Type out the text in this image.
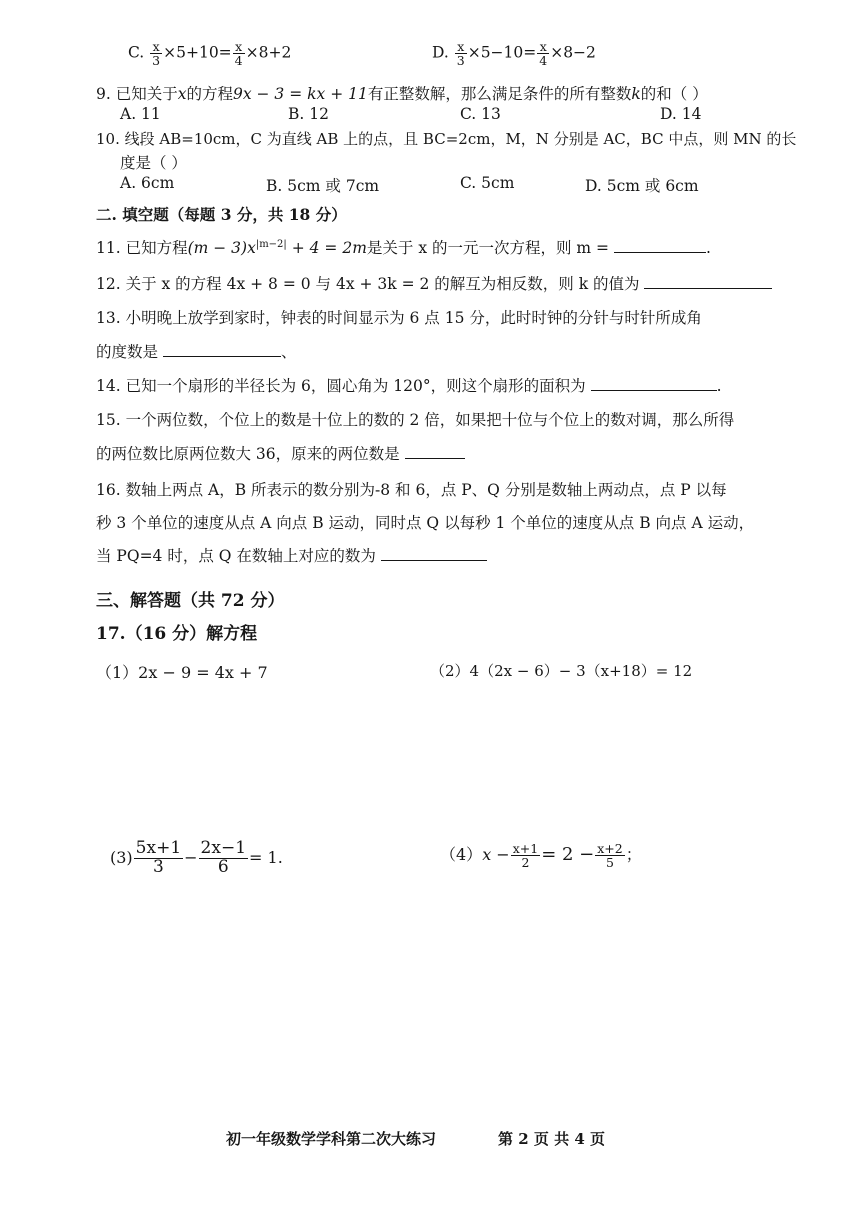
C. $\frac{x}{3} \times 5+10= \frac{x}{4} \times 8+2$	D. $\frac{x}{3} \times 5-10= \frac{x}{4} \times 8-2$
9. 已知关于x的方程9x − 3 = kx + 11有正整数解，那么满足条件的所有整数k的和（ ）
A. 11	B. 12	C. 13	D. 14
10. 线段 AB=10cm，C 为直线 AB 上的点，且 BC=2cm，M，N 分别是 AC，BC 中点，则 MN 的长
度是（ ）
A. 6cm	B. 5cm 或 7cm	C. 5cm	D. 5cm 或 6cm
二. 填空题（每题 3 分，共 18 分）
11. 已知方程$(m - 3)x^{|m-2|} + 4 = 2m$是关于 x 的一元一次方程，则 m =	.
12. 关于 x 的方程 4x + 8 = 0 与 4x + 3k = 2 的解互为相反数，则 k 的值为
13. 小明晚上放学到家时，钟表的时间显示为 6 点 15 分，此时时钟的分针与时针所成角
的度数是	、
14. 已知一个扇形的半径长为 6，圆心角为 120°，则这个扇形的面积为	.
15. 一个两位数，个位上的数是十位上的数的 2 倍，如果把十位与个位上的数对调，那么所得
的两位数比原两位数大 36，原来的两位数是
16. 数轴上两点 A，B 所表示的数分别为-8 和 6，点 P、Q 分别是数轴上两动点，点 P 以每
秒 3 个单位的速度从点 A 向点 B 运动，同时点 Q 以每秒 1 个单位的速度从点 B 向点 A 运动，
当 PQ=4 时，点 Q 在数轴上对应的数为
三、解答题（共 72 分）
17.（16 分）解方程
（1）2x − 9 = 4x + 7	（2）4（2x − 6）− 3（x+18）= 12
$(3) \frac{5x+1}{3} - \frac{2x-1}{6} = 1$.	$(4)x - \frac{x+1}{2} = 2 - \frac{x+2}{5}$ ；
初一年级数学学科第二次大练习	第 2 页 共 4 页
